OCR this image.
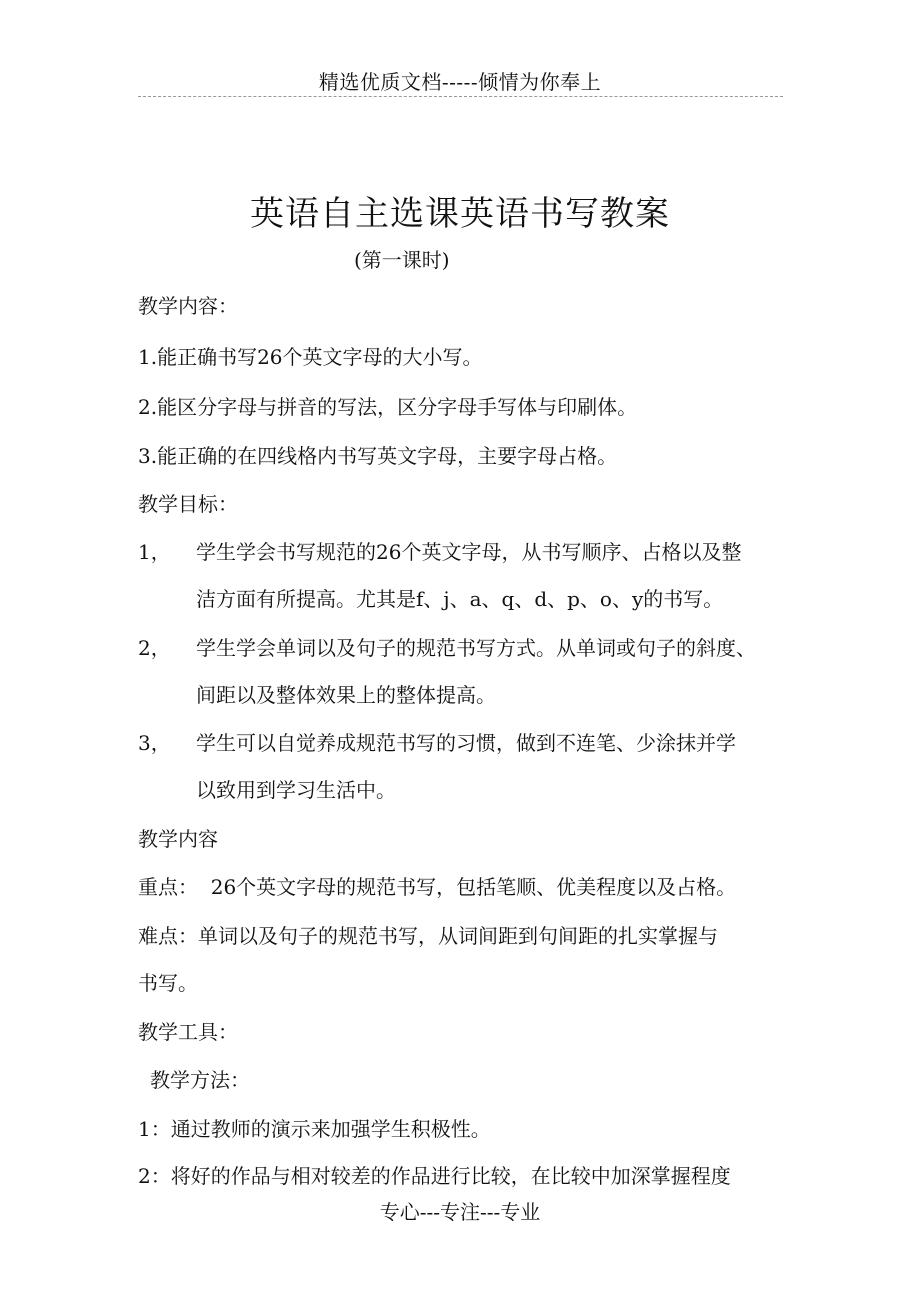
精选优质文档-----倾情为你奉上
英语自主选课英语书写教案
(第一课时)
教学内容：
1.能正确书写26个英文字母的大小写。
2.能区分字母与拼音的写法，区分字母手写体与印刷体。
3.能正确的在四线格内书写英文字母，主要字母占格。
教学目标：
1， 学生学会书写规范的26个英文字母，从书写顺序、占格以及整
洁方面有所提高。尤其是f、j、a、q、d、p、o、y的书写。
2， 学生学会单词以及句子的规范书写方式。从单词或句子的斜度、
间距以及整体效果上的整体提高。
3， 学生可以自觉养成规范书写的习惯，做到不连笔、少涂抹并学
以致用到学习生活中。
教学内容
重点：  26个英文字母的规范书写，包括笔顺、优美程度以及占格。
难点：单词以及句子的规范书写，从词间距到句间距的扎实掌握与
书写。
教学工具：
教学方法：
1：通过教师的演示来加强学生积极性。
2：将好的作品与相对较差的作品进行比较，在比较中加深掌握程度
专心---专注---专业
